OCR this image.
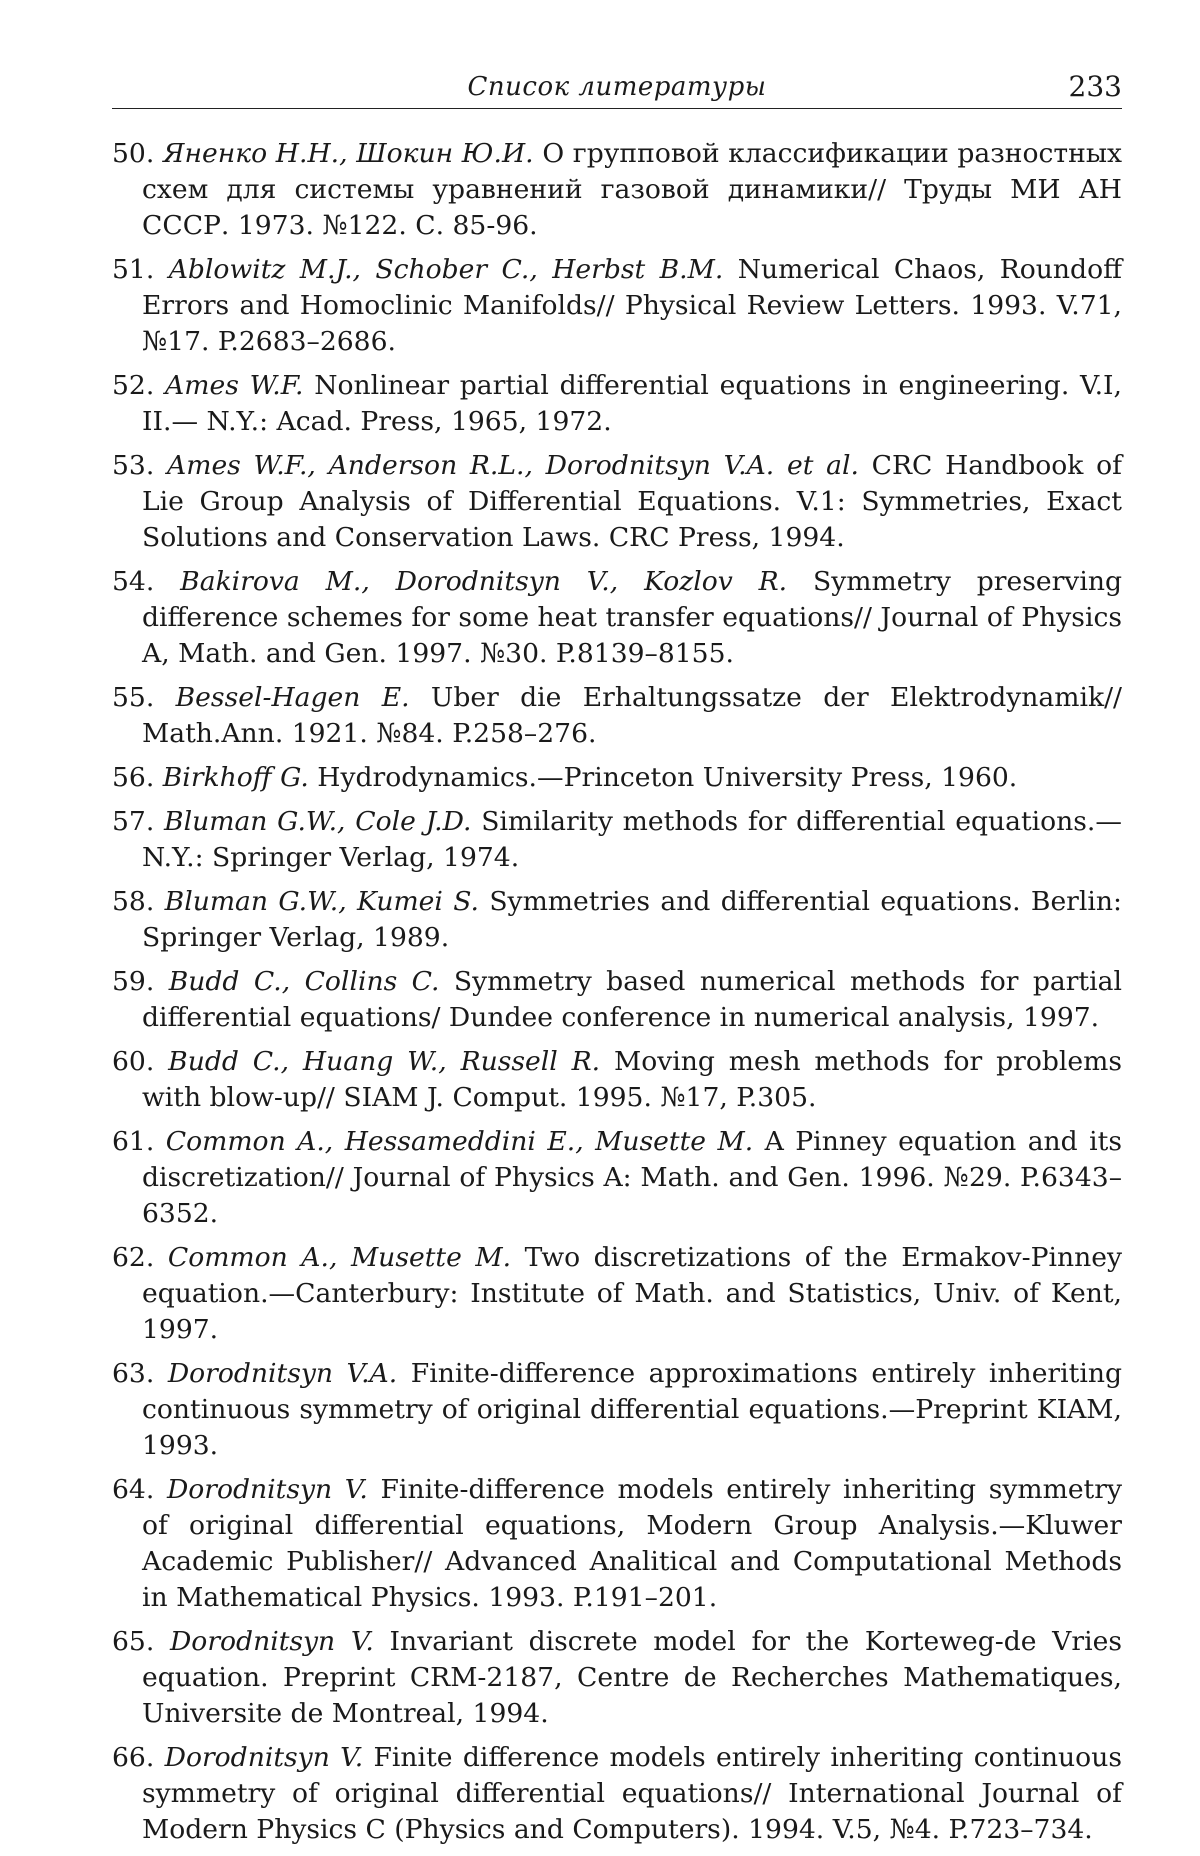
Список литературы	233
50. Яненко Н.Н., Шокин Ю.И. О групповой классификации разностных схем для системы уравнений газовой динамики// Труды МИ АН СССР. 1973. №122. С. 85-96.
51. Ablowitz M.J., Schober C., Herbst B.M. Numerical Chaos, Roundoff Errors and Homoclinic Manifolds// Physical Review Letters. 1993. V.71, №17. P.2683–2686.
52. Ames W.F. Nonlinear partial differential equations in engineering. V.I, II.— N.Y.: Acad. Press, 1965, 1972.
53. Ames W.F., Anderson R.L., Dorodnitsyn V.A. et al. CRC Handbook of Lie Group Analysis of Differential Equations. V.1: Symmetries, Exact Solutions and Conservation Laws. CRC Press, 1994.
54. Bakirova M., Dorodnitsyn V., Kozlov R. Symmetry preserving difference schemes for some heat transfer equations// Journal of Physics A, Math. and Gen. 1997. №30. P.8139–8155.
55. Bessel-Hagen E. Uber die Erhaltungssatze der Elektrodynamik// Math.Ann. 1921. №84. P.258–276.
56. Birkhoff G. Hydrodynamics.—Princeton University Press, 1960.
57. Bluman G.W., Cole J.D. Similarity methods for differential equations.—N.Y.: Springer Verlag, 1974.
58. Bluman G.W., Kumei S. Symmetries and differential equations. Berlin: Springer Verlag, 1989.
59. Budd C., Collins C. Symmetry based numerical methods for partial differential equations/ Dundee conference in numerical analysis, 1997.
60. Budd C., Huang W., Russell R. Moving mesh methods for problems with blow-up// SIAM J. Comput. 1995. №17, P.305.
61. Common A., Hessameddini E., Musette M. A Pinney equation and its discretization// Journal of Physics A: Math. and Gen. 1996. №29. P.6343–6352.
62. Common A., Musette M. Two discretizations of the Ermakov-Pinney equation.—Canterbury: Institute of Math. and Statistics, Univ. of Kent, 1997.
63. Dorodnitsyn V.A. Finite-difference approximations entirely inheriting continuous symmetry of original differential equations.—Preprint KIAM, 1993.
64. Dorodnitsyn V. Finite-difference models entirely inheriting symmetry of original differential equations, Modern Group Analysis.—Kluwer Academic Publisher// Advanced Analitical and Computational Methods in Mathematical Physics. 1993. P.191–201.
65. Dorodnitsyn V. Invariant discrete model for the Korteweg-de Vries equation. Preprint CRM-2187, Centre de Recherches Mathematiques, Universite de Montreal, 1994.
66. Dorodnitsyn V. Finite difference models entirely inheriting continuous symmetry of original differential equations// International Journal of Modern Physics C (Physics and Computers). 1994. V.5, №4. P.723–734.
